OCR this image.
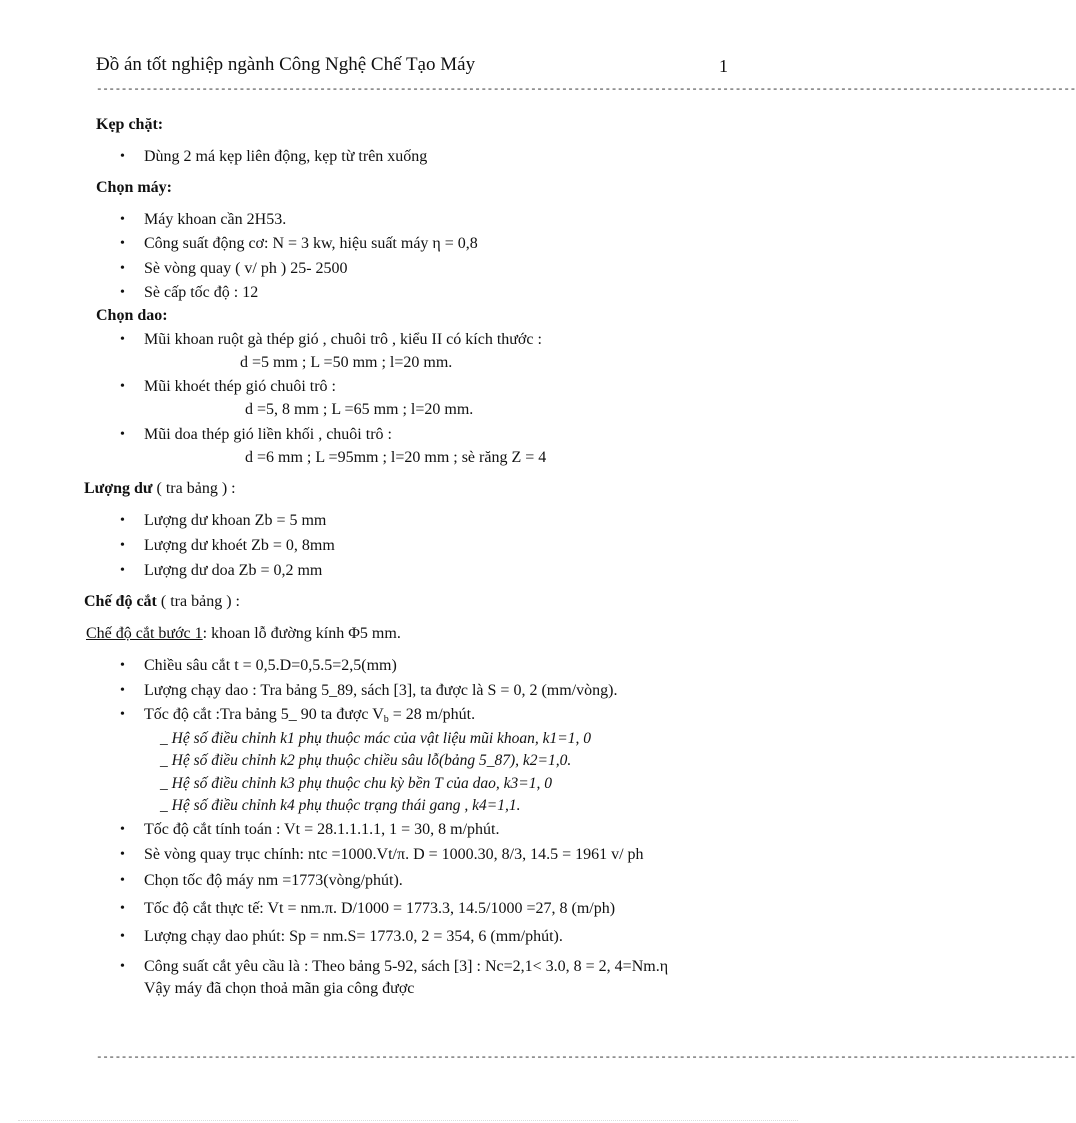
Đồ án tốt nghiệp ngành Công Nghệ Chế Tạo Máy	1
--------------------------------------------------------------------------------------------------------------------------------------------------------------
Kẹp chặt:
• Dùng 2 má kẹp liên động, kẹp từ trên xuống
Chọn máy:
• Máy khoan cần 2H53.
• Công suất động cơ: N = 3 kw, hiệu suất máy η = 0,8
• Sè vòng quay ( v/ ph ) 25- 2500
• Sè cấp tốc độ : 12
Chọn dao:
• Mũi khoan ruột gà thép gió , chuôi trô , kiểu II có kích thước :
d =5 mm ; L =50 mm ; l=20 mm.
• Mũi khoét thép gió chuôi trô :
d =5, 8 mm ; L =65 mm ; l=20 mm.
• Mũi doa thép gió liền khối , chuôi trô :
d =6 mm ; L =95mm ; l=20 mm ; sè răng Z = 4
Lượng dư ( tra bảng ) :
• Lượng dư khoan Zb = 5 mm
• Lượng dư khoét Zb = 0, 8mm
• Lượng dư doa Zb = 0,2 mm
Chế độ cắt ( tra bảng ) :
Chế độ cắt bước 1: khoan lỗ đường kính Φ5 mm.
• Chiều sâu cắt t = 0,5.D=0,5.5=2,5(mm)
• Lượng chạy dao : Tra bảng 5_89, sách [3], ta được là S = 0, 2 (mm/vòng).
• Tốc độ cắt :Tra bảng 5_ 90 ta được $V_b = 28$ m/phút.
_ Hệ số điều chỉnh k1 phụ thuộc mác của vật liệu mũi khoan, k1=1, 0
_ Hệ số điều chỉnh k2 phụ thuộc chiều sâu lỗ(bảng 5_87), k2=1,0.
_ Hệ số điều chỉnh k3 phụ thuộc chu kỳ bền T của dao, k3=1, 0
_ Hệ số điều chỉnh k4 phụ thuộc trạng thái gang , k4=1,1.
• Tốc độ cắt tính toán : Vt = 28.1.1.1.1, 1 = 30, 8 m/phút.
• Sè vòng quay trục chính: ntc =1000.Vt/π. D = 1000.30, 8/3, 14.5 = 1961 v/ ph
• Chọn tốc độ máy nm =1773(vòng/phút).
• Tốc độ cắt thực tế: Vt = nm.π. D/1000 = 1773.3, 14.5/1000 =27, 8 (m/ph)
• Lượng chạy dao phút: Sp = nm.S= 1773.0, 2 = 354, 6 (mm/phút).
• Công suất cắt yêu cầu là : Theo bảng 5-92, sách [3] : Nc=2,1< 3.0, 8 = 2, 4=Nm.η
Vậy máy đã chọn thoả mãn gia công được
--------------------------------------------------------------------------------------------------------------------------------------------------------------
